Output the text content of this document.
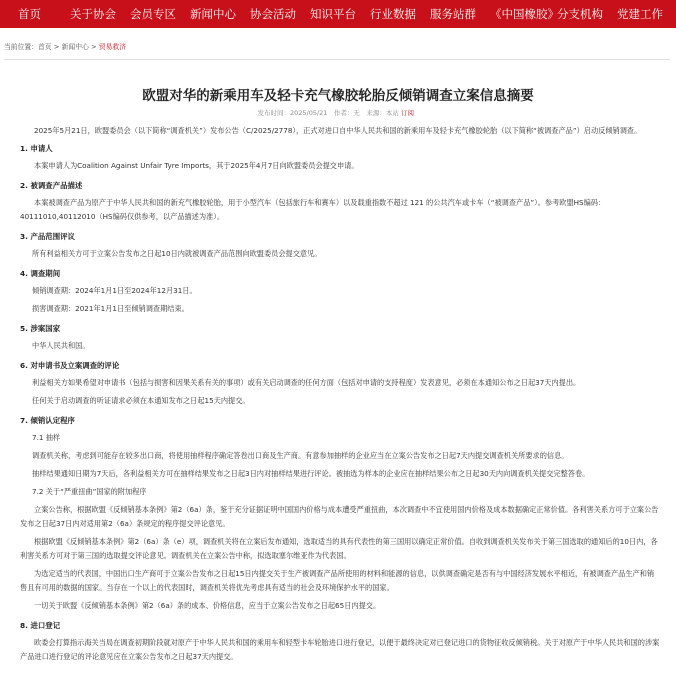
首页	关于协会 会员专区 新闻中心 协会活动 知识平台 行业数据 服务站群 《中国橡胶》
分支机构 党建工作
当前位置：首页 > 新闻中心 > 贸易救济
欧盟对华的新乘用车及轻卡充气橡胶轮胎反倾销调查立案信息摘要
发布时间：2025/05/21　作者：无　来源：本站 订阅
2025年5月21日，欧盟委员会（以下简称“调查机关”）发布公告（C/2025/2778），正式对进口自中华人民共和国的新乘用车及轻卡充气橡胶轮胎（以下简称“被调查产品”）启动反倾销调查。
1. 申请人
本案申请人为Coalition Against Unfair Tyre Imports，其于2025年4月7日向欧盟委员会提交申请。
2. 被调查产品描述
本案被调查产品为原产于中华人民共和国的新充气橡胶轮胎，用于小型汽车（包括旅行车和赛车）以及载重指数不超过 121 的公共汽车或卡车（“被调查产品”）。参考欧盟HS编码：40111010,40112010（HS编码仅供参考，以产品描述为准）。
3. 产品范围评议
所有利益相关方可于立案公告发布之日起10日内就被调查产品范围向欧盟委员会提交意见。
4. 调查期间
倾销调查期：2024年1月1日至2024年12月31日。
损害调查期：2021年1月1日至倾销调查期结束。
5. 涉案国家
中华人民共和国。
6. 对申请书及立案调查的评论
利益相关方如果希望对申请书（包括与损害和因果关系有关的事项）或有关启动调查的任何方面（包括对申请的支持程度）发表意见，必须在本通知公布之日起37天内提出。
任何关于启动调查的听证请求必须在本通知发布之日起15天内提交。
7. 倾销认定程序
7.1 抽样
调查机关称，考虑到可能存在较多出口商，将使用抽样程序确定答卷出口商及生产商。有意参加抽样的企业应当在立案公告发布之日起7天内提交调查机关所要求的信息。
抽样结果通知日期为7天后，各利益相关方可在抽样结果发布之日起3日内对抽样结果进行评论。被抽选为样本的企业应在抽样结果公布之日起30天内向调查机关提交完整答卷。
7.2 关于“严重扭曲”国家的附加程序
立案公告称，根据欧盟《反倾销基本条例》第2（6a）条，鉴于充分证据证明中国国内价格与成本遭受严重扭曲，本次调查中不宜使用国内价格及成本数据确定正常价值。各利害关系方可于立案公告发布之日起37日内对适用第2（6a）条规定的程序提交评论意见。
根据欧盟《反倾销基本条例》第2（6a）条（e）项，调查机关将在立案后发布通知，选取适当的具有代表性的第三国用以确定正常价值。自收到调查机关发布关于第三国选取的通知后的10日内，各利害关系方可对于第三国的选取提交评论意见。调查机关在立案公告中称，拟选取塞尔维亚作为代表国。
为选定适当的代表国，中国出口生产商可于立案公告发布之日起15日内提交关于生产被调查产品所使用的材料和能源的信息，以供调查确定是否有与中国经济发展水平相近，有被调查产品生产和销售且有可用的数据的国家。当存在一个以上的代表国时，调查机关将优先考虑具有适当的社会及环境保护水平的国家。
一切关于欧盟《反倾销基本条例》第2（6a）条的成本、价格信息，应当于立案公告发布之日起65日内提交。
8. 进口登记
欧委会打算指示海关当局在调查初期阶段就对原产于中华人民共和国的乘用车和轻型卡车轮胎进口进行登记，以便于最终决定对已登记进口的货物征收反倾销税。关于对原产于中华人民共和国的涉案产品进口进行登记的评论意见应在立案公告发布之日起37天内提交。
